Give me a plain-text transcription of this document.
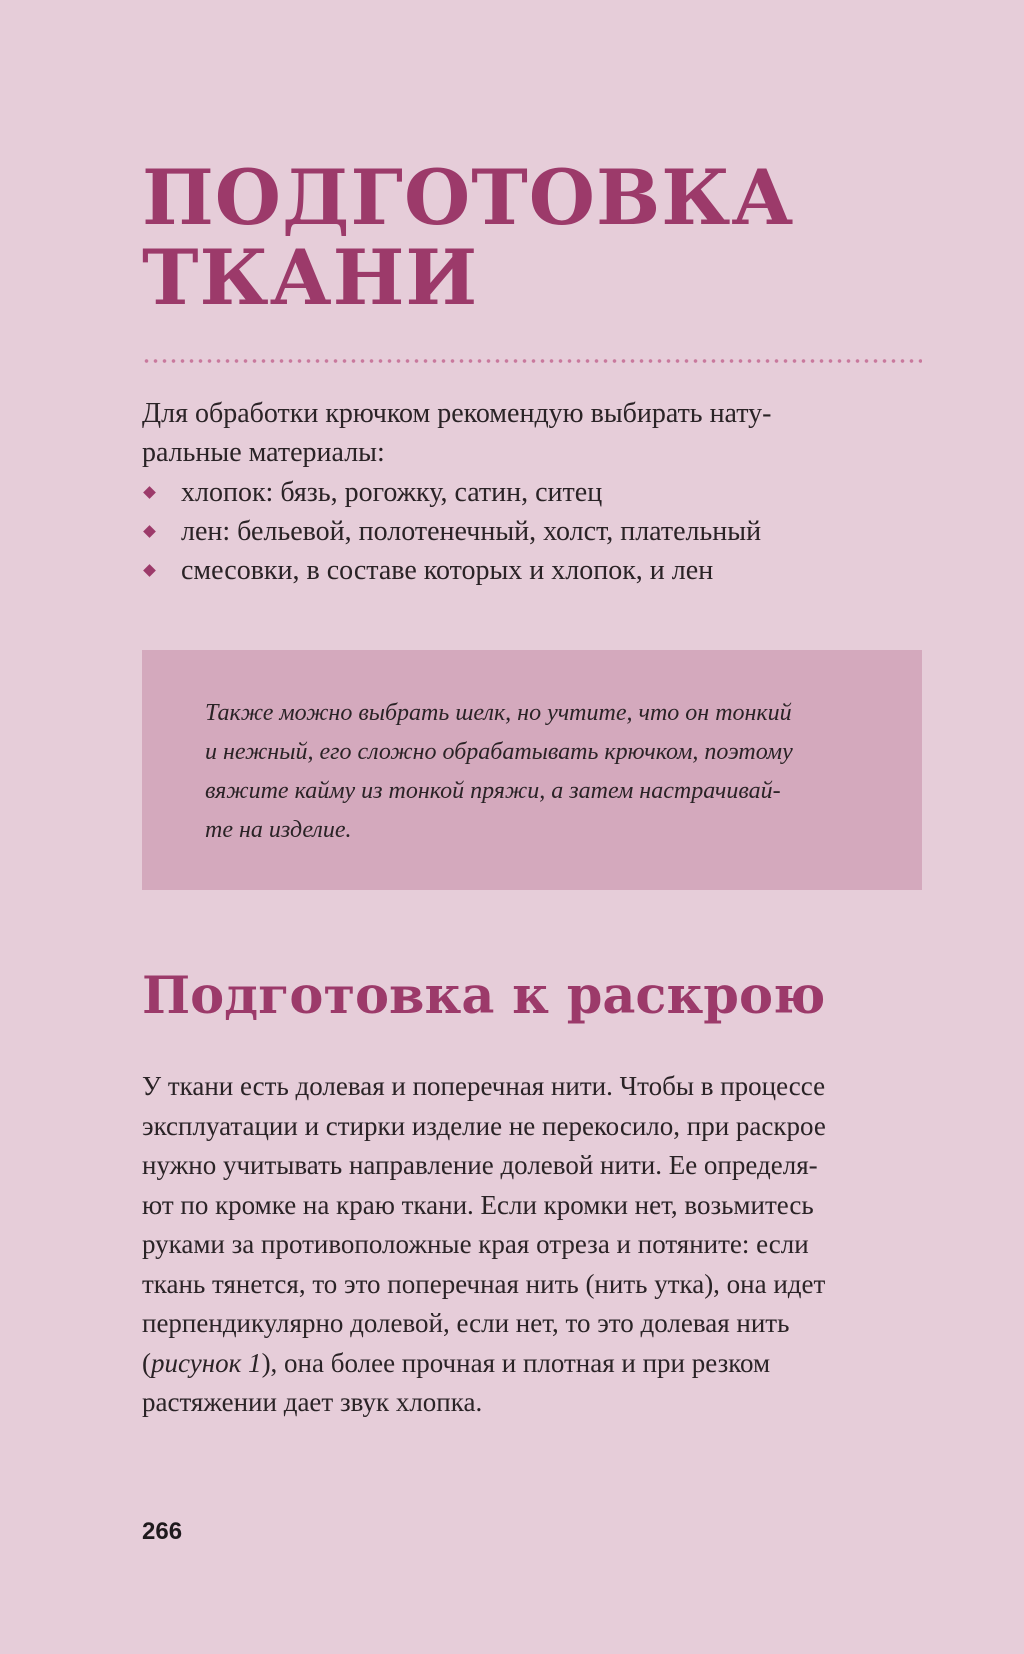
ПОДГОТОВКА
ТКАНИ

Для обработки крючком рекомендую выбирать нату-
ральные материалы:

хлопок: бязь, рогожку, сатин, ситец
лен: бельевой, полотенечный, холст, плательный
смесовки, в составе которых и хлопок, и лен

Также можно выбрать шелк, но учтите, что он тонкий
и нежный, его сложно обрабатывать крючком, поэтому
вяжите кайму из тонкой пряжи, а затем настрачивай-
те на изделие.

Подготовка к раскрою

У ткани есть долевая и поперечная нити. Чтобы в процессе
эксплуатации и стирки изделие не перекосило, при раскрое
нужно учитывать направление долевой нити. Ее определя-
ют по кромке на краю ткани. Если кромки нет, возьмитесь
руками за противоположные края отреза и потяните: если
ткань тянется, то это поперечная нить (нить утка), она идет
перпендикулярно долевой, если нет, то это долевая нить
(рисунок 1), она более прочная и плотная и при резком
растяжении дает звук хлопка.

266
